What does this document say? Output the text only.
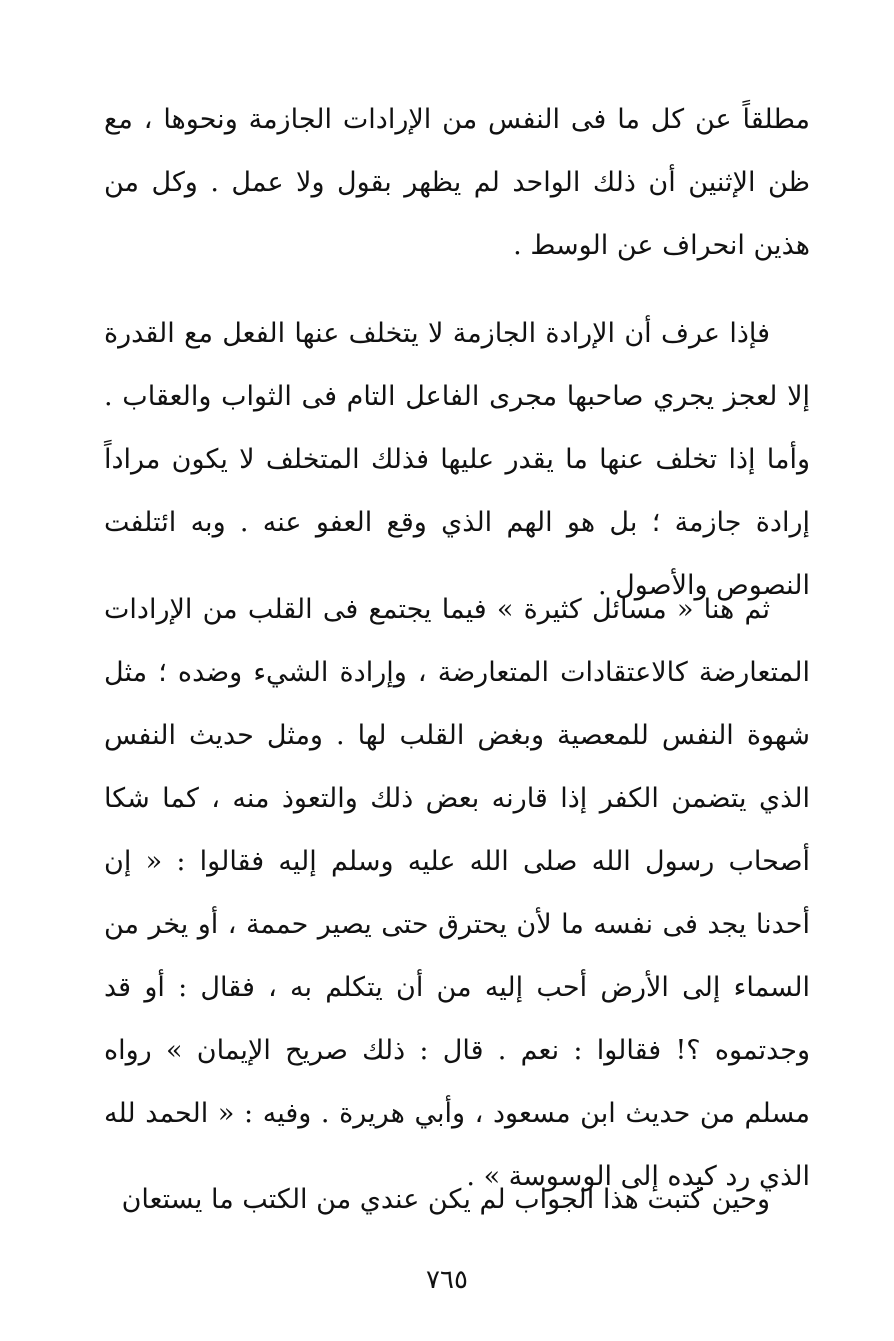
مطلقاً عن كل ما فى النفس من الإرادات الجازمة ونحوها ، مع ظن الإثنين أن ذلك الواحد لم يظهر بقول ولا عمل . وكل من هذين انحراف عن الوسط .

فإذا عرف أن الإرادة الجازمة لا يتخلف عنها الفعل مع القدرة إلا لعجز يجري صاحبها مجرى الفاعل التام فى الثواب والعقاب . وأما إذا تخلف عنها ما يقدر عليها فذلك المتخلف لا يكون مراداً إرادة جازمة ؛ بل هو الهم الذي وقع العفو عنه . وبه ائتلفت النصوص والأصول .

ثم هنا « مسائل كثيرة » فيما يجتمع فى القلب من الإرادات المتعارضة كالاعتقادات المتعارضة ، وإرادة الشيء وضده ؛ مثل شهوة النفس للمعصية وبغض القلب لها . ومثل حديث النفس الذي يتضمن الكفر إذا قارنه بعض ذلك والتعوذ منه ، كما شكا أصحاب رسول الله صلى الله عليه وسلم إليه فقالوا : « إن أحدنا يجد فى نفسه ما لأن يحترق حتى يصير حممة ، أو يخر من السماء إلى الأرض أحب إليه من أن يتكلم به ، فقال : أو قد وجدتموه ؟! فقالوا : نعم . قال : ذلك صريح الإيمان » رواه مسلم من حديث ابن مسعود ، وأبي هريرة . وفيه : « الحمد لله الذي رد كيده إلى الوسوسة » .

وحين كتبت هذا الجواب لم يكن عندي من الكتب ما يستعان

٧٦٥
